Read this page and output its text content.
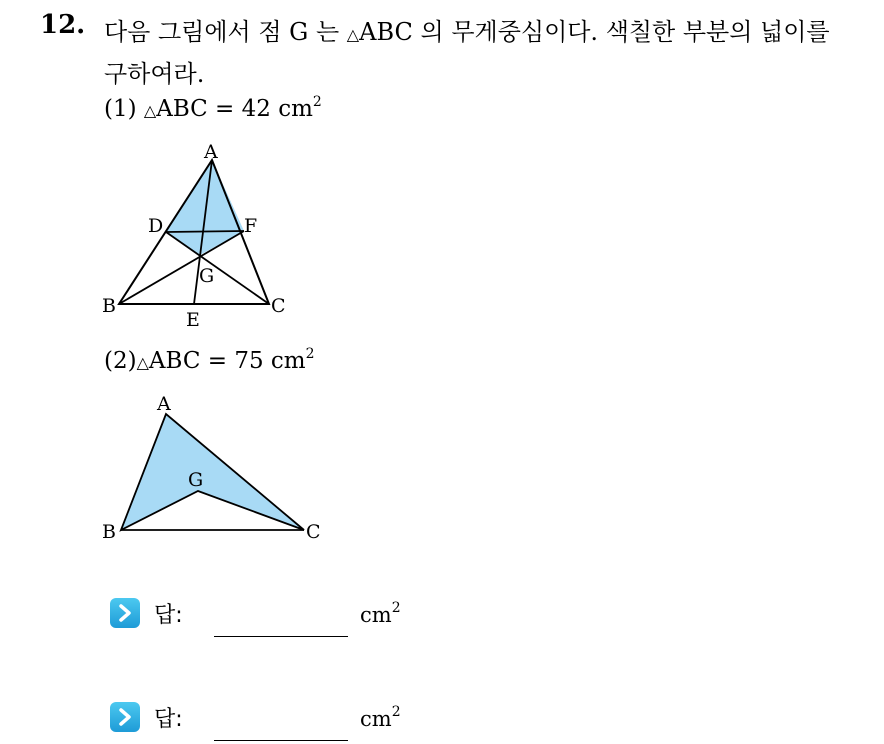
12. 다음 그림에서 점 G 는 △ABC 의 무게중심이다. 색칠한 부분의 넓이를
구하여라.
(1) △ABC = 42 $cm^2$
A
D	F
G
B	C
E
(2)△ABC = 75 $cm^2$
A
G
B	C
답:	$cm^2$
답:	$cm^2$
